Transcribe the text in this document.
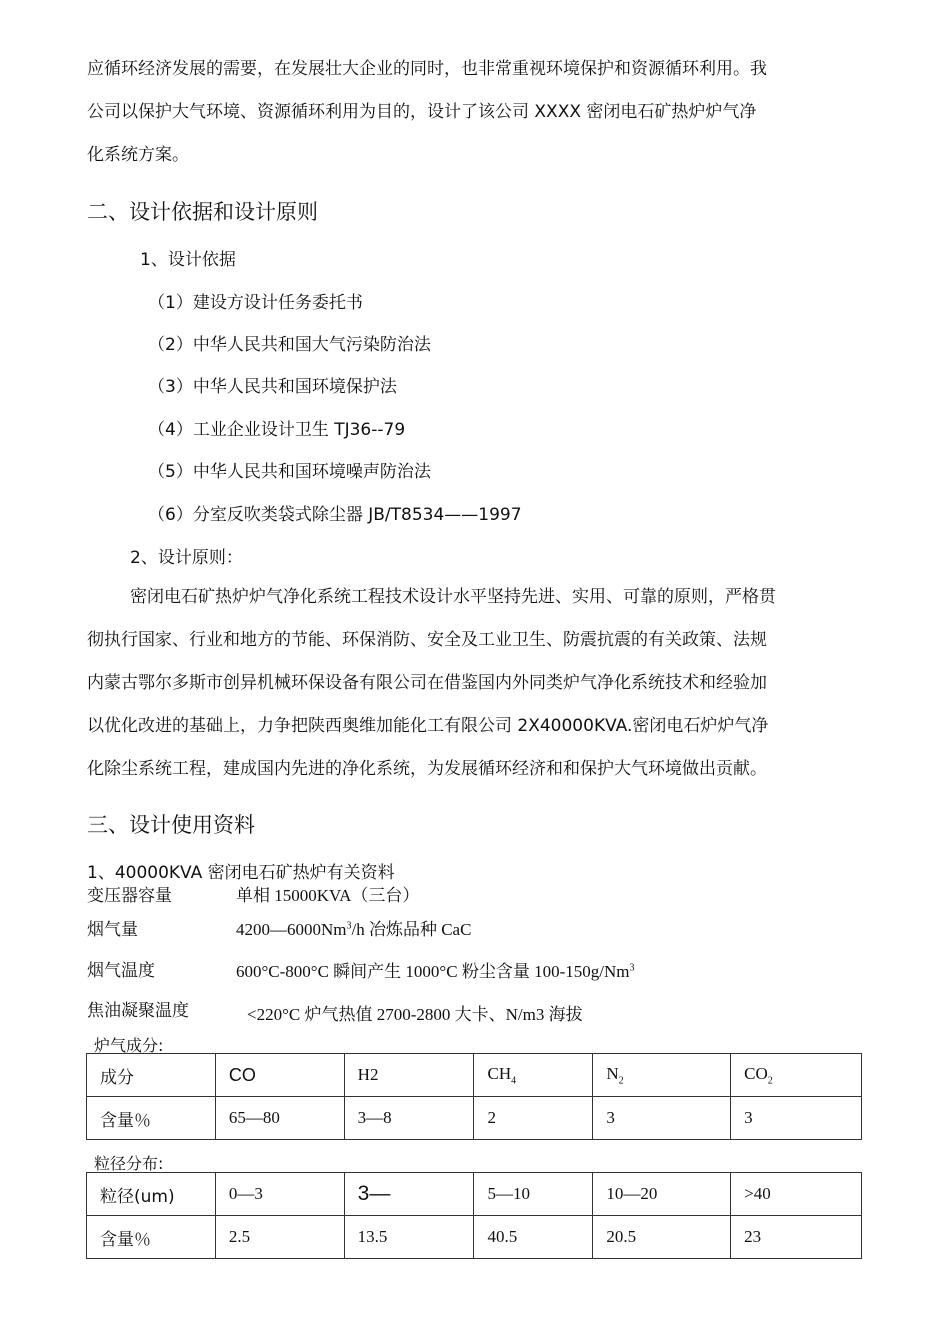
应循环经济发展的需要，在发展壮大企业的同时，也非常重视环境保护和资源循环利用。我
公司以保护大气环境、资源循环利用为目的，设计了该公司 XXXX 密闭电石矿热炉炉气净
化系统方案。
二、设计依据和设计原则
1、设计依据
（1）建设方设计任务委托书
（2）中华人民共和国大气污染防治法
（3）中华人民共和国环境保护法
（4）工业企业设计卫生 TJ36--79
（5）中华人民共和国环境噪声防治法
（6）分室反吹类袋式除尘器 JB/T8534——1997
2、设计原则：
密闭电石矿热炉炉气净化系统工程技术设计水平坚持先进、实用、可靠的原则，严格贯
彻执行国家、行业和地方的节能、环保消防、安全及工业卫生、防震抗震的有关政策、法规
内蒙古鄂尔多斯市创异机械环保设备有限公司在借鉴国内外同类炉气净化系统技术和经验加
以优化改进的基础上，力争把陕西奥维加能化工有限公司 2X40000KVA.密闭电石炉炉气净
化除尘系统工程，建成国内先进的净化系统，为发展循环经济和和保护大气环境做出贡献。
三、设计使用资料
1、40000KVA 密闭电石矿热炉有关资料
变压器容量	单相 15000KVA（三台）
烟气量	4200—6000Nm$^3$/h 冶炼品种 CaC
烟气温度	600°C-800°C 瞬间产生 1000°C 粉尘含量 100-150g/Nm$^3$
焦油凝聚温度	<220°C 炉气热值 2700-2800 大卡、N/m3 海拔
炉气成分:
成分	CO	H2	$CH_4$	$N_2$	$CO_2$
含量％	65—80	3—8	2	3	3
粒径分布:
粒径(um)	0—3	3—	5—10	10—20	>40
含量％	2.5	13.5	40.5	20.5	23
